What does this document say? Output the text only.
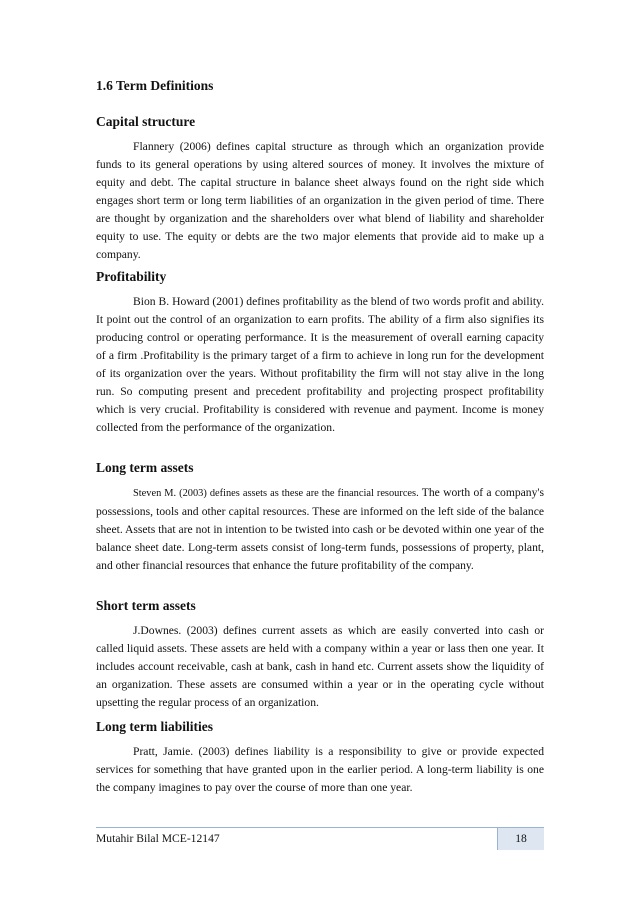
1.6 Term Definitions
Capital structure

Flannery (2006) defines capital structure as through which an organization provide funds to its general operations by using altered sources of money. It involves the mixture of equity and debt. The capital structure in balance sheet always found on the right side which engages short term or long term liabilities of an organization in the given period of time. There are thought by organization and the shareholders over what blend of liability and shareholder equity to use. The equity or debts are the two major elements that provide aid to make up a company.

Profitability

Bion B. Howard (2001) defines profitability as the blend of two words profit and ability. It point out the control of an organization to earn profits. The ability of a firm also signifies its producing control or operating performance. It is the measurement of overall earning capacity of a firm .Profitability is the primary target of a firm to achieve in long run for the development of its organization over the years. Without profitability the firm will not stay alive in the long run. So computing present and precedent profitability and projecting prospect profitability which is very crucial. Profitability is considered with revenue and payment. Income is money collected from the performance of the organization.

Long term assets

Steven M. (2003) defines assets as these are the financial resources. The worth of a company's possessions, tools and other capital resources. These are informed on the left side of the balance sheet. Assets that are not in intention to be twisted into cash or be devoted within one year of the balance sheet date. Long-term assets consist of long-term funds, possessions of property, plant, and other financial resources that enhance the future profitability of the company.

Short term assets

J.Downes. (2003) defines current assets as which are easily converted into cash or called liquid assets. These assets are held with a company within a year or lass then one year. It includes account receivable, cash at bank, cash in hand etc. Current assets show the liquidity of an organization. These assets are consumed within a year or in the operating cycle without upsetting the regular process of an organization.

Long term liabilities

Pratt, Jamie. (2003) defines liability is a responsibility to give or provide expected services for something that have granted upon in the earlier period. A long-term liability is one the company imagines to pay over the course of more than one year.

Mutahir Bilal MCE-12147	18
